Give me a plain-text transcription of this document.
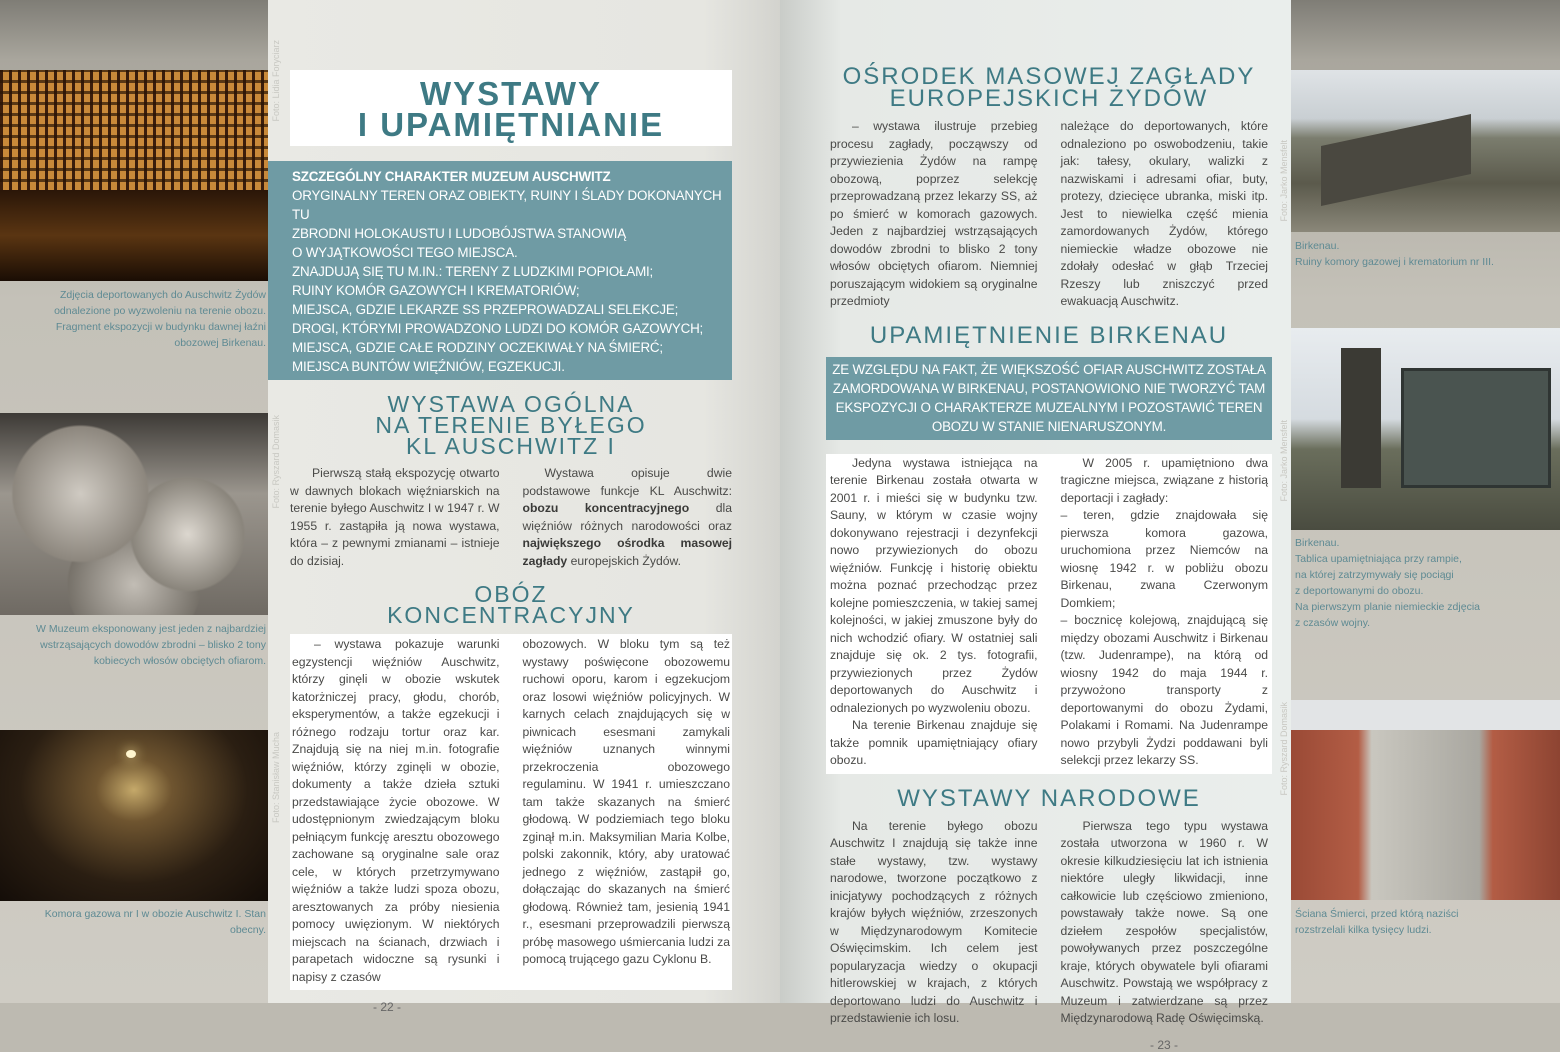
Foto: Lidia Foryciarz
Zdjęcia deportowanych do Auschwitz Żydów odnalezione po wyzwoleniu na terenie obozu. Fragment ekspozycji w budynku dawnej łaźni obozowej Birkenau.
Foto: Ryszard Domasik
W Muzeum eksponowany jest jeden z najbardziej wstrząsających dowodów zbrodni – blisko 2 tony kobiecych włosów obciętych ofiarom.
Foto: Stanisław Mucha
Komora gazowa nr I w obozie Auschwitz I. Stan obecny.
WYSTAWY
I UPAMIĘTNIANIE
SZCZEGÓLNY CHARAKTER MUZEUM AUSCHWITZ
ORYGINALNY TEREN ORAZ OBIEKTY, RUINY I ŚLADY DOKONANYCH TU
ZBRODNI HOLOKAUSTU I LUDOBÓJSTWA STANOWIĄ
O WYJĄTKOWOŚCI TEGO MIEJSCA.
ZNAJDUJĄ SIĘ TU M.IN.: TERENY Z LUDZKIMI POPIOŁAMI;
RUINY KOMÓR GAZOWYCH I KREMATORIÓW;
MIEJSCA, GDZIE LEKARZE SS PRZEPROWADZALI SELEKCJE;
DROGI, KTÓRYMI PROWADZONO LUDZI DO KOMÓR GAZOWYCH;
MIEJSCA, GDZIE CAŁE RODZINY OCZEKIWAŁY NA ŚMIERĆ;
MIEJSCA BUNTÓW WIĘŹNIÓW, EGZEKUCJI.
WYSTAWA OGÓLNA
NA TERENIE BYŁEGO
KL AUSCHWITZ I

Pierwszą stałą ekspozycję otwarto w dawnych blokach więźniarskich na terenie byłego Auschwitz I w 1947 r. W 1955 r. zastąpiła ją nowa wystawa, która – z pewnymi zmianami – istnieje do dzisiaj.

Wystawa opisuje dwie podstawowe funkcje KL Auschwitz: obozu koncentracyjnego dla więźniów różnych narodowości oraz największego ośrodka masowej zagłady europejskich Żydów.

OBÓZ
KONCENTRACYJNY

– wystawa pokazuje warunki egzystencji więźniów Auschwitz, którzy ginęli w obozie wskutek katorżniczej pracy, głodu, chorób, eksperymentów, a także egzekucji i różnego rodzaju tortur oraz kar. Znajdują się na niej m.in. fotografie więźniów, którzy zginęli w obozie, dokumenty a także dzieła sztuki przedstawiające życie obozowe. W udostępnionym zwiedzającym bloku pełniącym funkcję aresztu obozowego zachowane są oryginalne sale oraz cele, w których przetrzymywano więźniów a także ludzi spoza obozu, aresztowanych za próby niesienia pomocy uwięzionym. W niektórych miejscach na ścianach, drzwiach i parapetach widoczne są rysunki i napisy z czasów

obozowych. W bloku tym są też wystawy poświęcone obozowemu ruchowi oporu, karom i egzekucjom oraz losowi więźniów policyjnych. W karnych celach znajdujących się w piwnicach esesmani zamykali więźniów uznanych winnymi przekroczenia obozowego regulaminu. W 1941 r. umieszczano tam także skazanych na śmierć głodową. W podziemiach tego bloku zginął m.in. Maksymilian Maria Kolbe, polski zakonnik, który, aby uratować jednego z więźniów, zastąpił go, dołączając do skazanych na śmierć głodową. Również tam, jesienią 1941 r., esesmani przeprowadzili pierwszą próbę masowego uśmiercania ludzi za pomocą trującego gazu Cyklonu B.

- 22 -
OŚRODEK MASOWEJ ZAGŁADY
EUROPEJSKICH ŻYDÓW

– wystawa ilustruje przebieg procesu zagłady, począwszy od przywiezienia Żydów na rampę obozową, poprzez selekcję przeprowadzaną przez lekarzy SS, aż po śmierć w komorach gazowych. Jeden z najbardziej wstrząsających dowodów zbrodni to blisko 2 tony włosów obciętych ofiarom. Niemniej poruszającym widokiem są oryginalne przedmioty

należące do deportowanych, które odnaleziono po oswobodzeniu, takie jak: tałesy, okulary, walizki z nazwiskami i adresami ofiar, buty, protezy, dziecięce ubranka, miski itp. Jest to niewielka część mienia zamordowanych Żydów, którego niemieckie władze obozowe nie zdołały odesłać w głąb Trzeciej Rzeszy lub zniszczyć przed ewakuacją Auschwitz.

UPAMIĘTNIENIE BIRKENAU
ZE WZGLĘDU NA FAKT, ŻE WIĘKSZOŚĆ OFIAR AUSCHWITZ ZOSTAŁA ZAMORDOWANA W BIRKENAU, POSTANOWIONO NIE TWORZYĆ TAM EKSPOZYCJI O CHARAKTERZE MUZEALNYM I POZOSTAWIĆ TEREN OBOZU W STANIE NIENARUSZONYM.

Jedyna wystawa istniejąca na terenie Birkenau została otwarta w 2001 r. i mieści się w budynku tzw. Sauny, w którym w czasie wojny dokonywano rejestracji i dezynfekcji nowo przywiezionych do obozu więźniów. Funkcję i historię obiektu można poznać przechodząc przez kolejne pomieszczenia, w takiej samej kolejności, w jakiej zmuszone były do nich wchodzić ofiary. W ostatniej sali znajduje się ok. 2 tys. fotografii, przywiezionych przez Żydów deportowanych do Auschwitz i odnalezionych po wyzwoleniu obozu.

Na terenie Birkenau znajduje się także pomnik upamiętniający ofiary obozu.

W 2005 r. upamiętniono dwa tragiczne miejsca, związane z historią deportacji i zagłady:

– teren, gdzie znajdowała się pierwsza komora gazowa, uruchomiona przez Niemców na wiosnę 1942 r. w pobliżu obozu Birkenau, zwana Czerwonym Domkiem;

– bocznicę kolejową, znajdującą się między obozami Auschwitz i Birkenau (tzw. Judenrampe), na którą od wiosny 1942 do maja 1944 r. przywożono transporty z deportowanymi do obozu Żydami, Polakami i Romami. Na Judenrampe nowo przybyli Żydzi poddawani byli selekcji przez lekarzy SS.

WYSTAWY NARODOWE

Na terenie byłego obozu Auschwitz I znajdują się także inne stałe wystawy, tzw. wystawy narodowe, tworzone początkowo z inicjatywy pochodzących z różnych krajów byłych więźniów, zrzeszonych w Międzynarodowym Komitecie Oświęcimskim. Ich celem jest popularyzacja wiedzy o okupacji hitlerowskiej w krajach, z których deportowano ludzi do Auschwitz i przedstawienie ich losu.

Pierwsza tego typu wystawa została utworzona w 1960 r. W okresie kilkudziesięciu lat ich istnienia niektóre uległy likwidacji, inne całkowicie lub częściowo zmieniono, powstawały także nowe. Są one dziełem zespołów specjalistów, powoływanych przez poszczególne kraje, których obywatele byli ofiarami Auschwitz. Powstają we współpracy z Muzeum i zatwierdzane są przez Międzynarodową Radę Oświęcimską.

- 23 -
Foto: Jarko Mensfelt
Birkenau.
Ruiny komory gazowej i krematorium nr III.
Foto: Jarko Mensfelt
Birkenau.
Tablica upamiętniająca przy rampie,
na której zatrzymywały się pociągi
z deportowanymi do obozu.
Na pierwszym planie niemieckie zdjęcia
z czasów wojny.
Foto: Ryszard Domasik
Ściana Śmierci, przed którą naziści
rozstrzelali kilka tysięcy ludzi.
